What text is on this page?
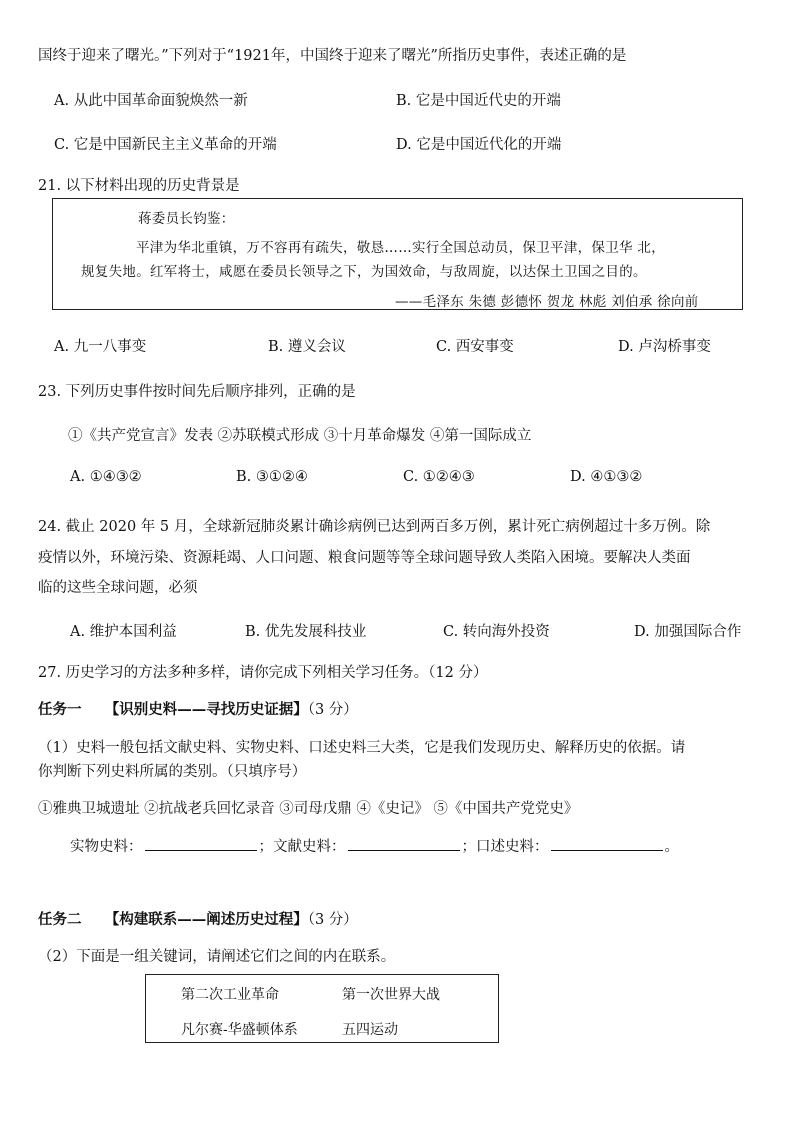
国终于迎来了曙光。”下列对于“1921年，中国终于迎来了曙光”所指历史事件，表述正确的是
A. 从此中国革命面貌焕然一新	B. 它是中国近代史的开端
C. 它是中国新民主主义革命的开端	D. 它是中国近代化的开端
21. 以下材料出现的历史背景是
蒋委员长钧鉴：
平津为华北重镇，万不容再有疏失，敬恳……实行全国总动员，保卫平津，保卫华 北，
规复失地。红军将士，咸愿在委员长领导之下，为国效命，与敌周旋，以达保土卫国之目的。
——毛泽东 朱德 彭德怀 贺龙 林彪 刘伯承 徐向前
A. 九一八事变	B. 遵义会议	C. 西安事变	D. 卢沟桥事变
23. 下列历史事件按时间先后顺序排列，正确的是
①《共产党宣言》发表 ②苏联模式形成 ③十月革命爆发 ④第一国际成立
A. ①④③②	B. ③①②④	C. ①②④③	D. ④①③②
24. 截止 2020 年 5 月，全球新冠肺炎累计确诊病例已达到两百多万例，累计死亡病例超过十多万例。除
疫情以外，环境污染、资源耗竭、人口问题、粮食问题等等全球问题导致人类陷入困境。要解决人类面
临的这些全球问题，必须
A. 维护本国利益	B. 优先发展科技业	C. 转向海外投资	D. 加强国际合作
27. 历史学习的方法多种多样，请你完成下列相关学习任务。（12 分）
任务一 【识别史料——寻找历史证据】（3 分）
（1）史料一般包括文献史料、实物史料、口述史料三大类，它是我们发现历史、解释历史的依据。请
你判断下列史料所属的类别。（只填序号）
①雅典卫城遗址 ②抗战老兵回忆录音 ③司母戊鼎 ④《史记》 ⑤《中国共产党党史》
实物史料：	；文献史料：	；口述史料：	。
任务二 【构建联系——阐述历史过程】（3 分）
（2）下面是一组关键词，请阐述它们之间的内在联系。
第二次工业革命	第一次世界大战
凡尔赛-华盛顿体系	五四运动
